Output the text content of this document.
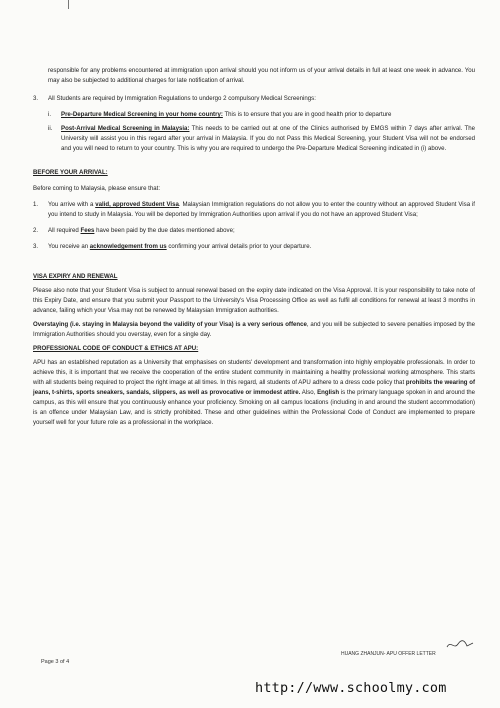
responsible for any problems encountered at immigration upon arrival should you not inform us of your arrival details in full at least one week in advance. You may also be subjected to additional charges for late notification of arrival.

3. All Students are required by Immigration Regulations to undergo 2 compulsory Medical Screenings:
i. Pre-Departure Medical Screening in your home country: This is to ensure that you are in good health prior to departure
ii. Post-Arrival Medical Screening in Malaysia: This needs to be carried out at one of the Clinics authorised by EMGS within 7 days after arrival. The University will assist you in this regard after your arrival in Malaysia. If you do not Pass this Medical Screening, your Student Visa will not be endorsed and you will need to return to your country. This is why you are required to undergo the Pre-Departure Medical Screening indicated in (i) above.

BEFORE YOUR ARRIVAL:

Before coming to Malaysia, please ensure that:

1. You arrive with a valid, approved Student Visa. Malaysian Immigration regulations do not allow you to enter the country without an approved Student Visa if you intend to study in Malaysia. You will be deported by Immigration Authorities upon arrival if you do not have an approved Student Visa;
2. All required Fees have been paid by the due dates mentioned above;
3. You receive an acknowledgement from us confirming your arrival details prior to your departure.

VISA EXPIRY AND RENEWAL

Please also note that your Student Visa is subject to annual renewal based on the expiry date indicated on the Visa Approval. It is your responsibility to take note of this Expiry Date, and ensure that you submit your Passport to the University's Visa Processing Office as well as fulfil all conditions for renewal at least 3 months in advance, failing which your Visa may not be renewed by Malaysian Immigration authorities.

Overstaying (i.e. staying in Malaysia beyond the validity of your Visa) is a very serious offence, and you will be subjected to severe penalties imposed by the Immigration Authorities should you overstay, even for a single day.

PROFESSIONAL CODE OF CONDUCT & ETHICS AT APU:

APU has an established reputation as a University that emphasises on students' development and transformation into highly employable professionals. In order to achieve this, it is important that we receive the cooperation of the entire student community in maintaining a healthy professional working atmosphere. This starts with all students being required to project the right image at all times. In this regard, all students of APU adhere to a dress code policy that prohibits the wearing of jeans, t-shirts, sports sneakers, sandals, slippers, as well as provocative or immodest attire. Also, English is the primary language spoken in and around the campus, as this will ensure that you continuously enhance your proficiency. Smoking on all campus locations (including in and around the student accommodation) is an offence under Malaysian Law, and is strictly prohibited. These and other guidelines within the Professional Code of Conduct are implemented to prepare yourself well for your future role as a professional in the workplace.

Page 3 of 4
HUANG ZHANJUN- APU OFFER LETTER
http://www.schoolmy.com
